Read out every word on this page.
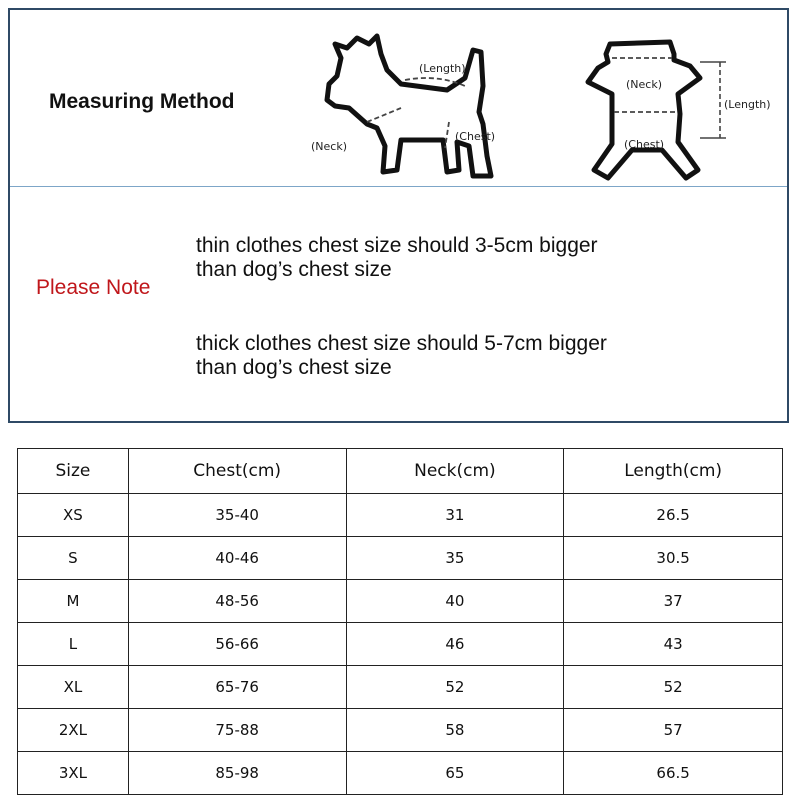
Measuring Method
(Length)
(Neck)
(Chest)
(Neck)
(Length)
(Chest)
Please Note
thin clothes chest size should 3-5cm bigger
than dog’s chest size
thick clothes chest size should 5-7cm bigger
than dog’s chest size
Size	Chest(cm)	Neck(cm)	Length(cm)
XS	35-40	31	26.5
S	40-46	35	30.5
M	48-56	40	37
L	56-66	46	43
XL	65-76	52	52
2XL	75-88	58	57
3XL	85-98	65	66.5
